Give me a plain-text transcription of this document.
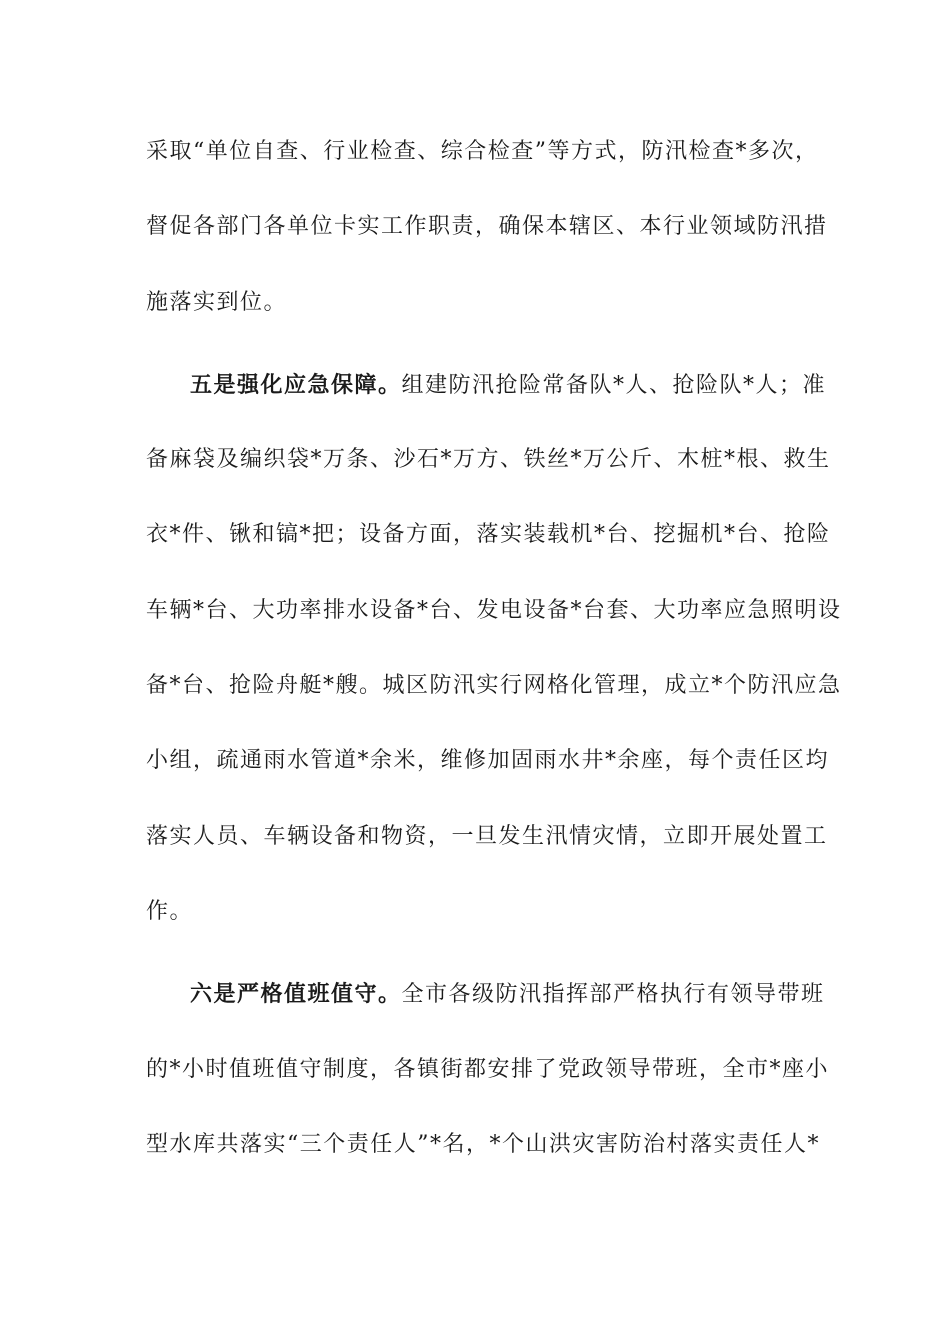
采取“单位自查、行业检查、综合检查”等方式，防汛检查*多次，
督促各部门各单位卡实工作职责，确保本辖区、本行业领域防汛措
施落实到位。
五是强化应急保障。组建防汛抢险常备队*人、抢险队*人；准
备麻袋及编织袋*万条、沙石*万方、铁丝*万公斤、木桩*根、救生
衣*件、锹和镐*把；设备方面，落实装载机*台、挖掘机*台、抢险
车辆*台、大功率排水设备*台、发电设备*台套、大功率应急照明设
备*台、抢险舟艇*艘。城区防汛实行网格化管理，成立*个防汛应急
小组，疏通雨水管道*余米，维修加固雨水井*余座，每个责任区均
落实人员、车辆设备和物资，一旦发生汛情灾情，立即开展处置工
作。
六是严格值班值守。全市各级防汛指挥部严格执行有领导带班
的*小时值班值守制度，各镇街都安排了党政领导带班，全市*座小
型水库共落实“三个责任人”*名，*个山洪灾害防治村落实责任人*
